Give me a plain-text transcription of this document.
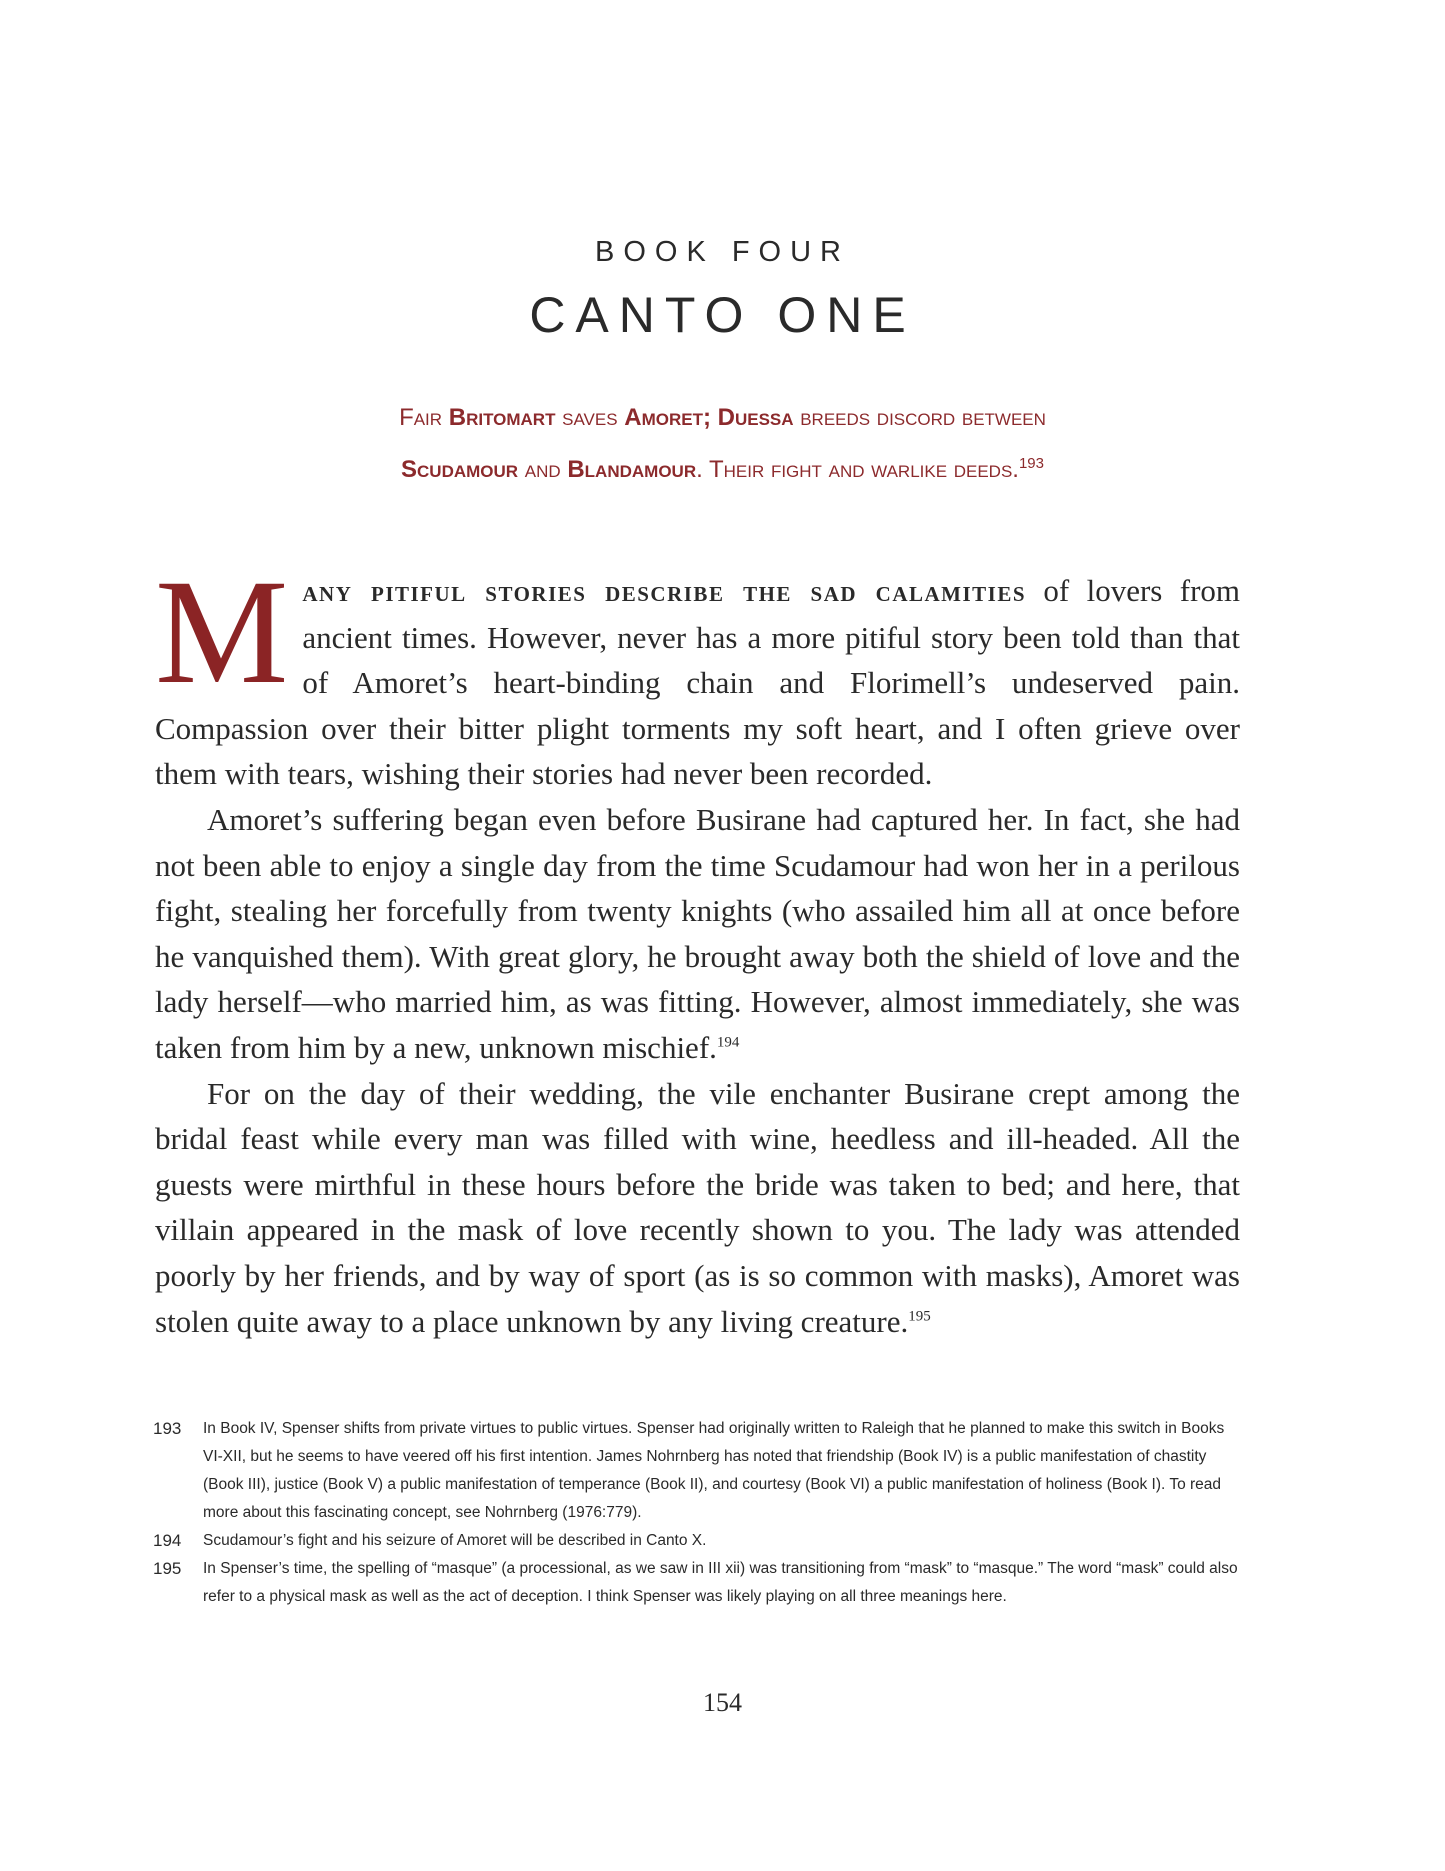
BOOK FOUR
CANTO ONE
Fair Britomart saves Amoret; Duessa breeds discord between
Scudamour and Blandamour. Their fight and warlike deeds.$^{193}$

Many pitiful stories describe the sad calamities of lovers from ancient times. However, never has a more pitiful story been told than that of Amoret’s heart-binding chain and Florimell’s undeserved pain. Compassion over their bitter plight torments my soft heart, and I often grieve over them with tears, wishing their stories had never been recorded.

Amoret’s suffering began even before Busirane had captured her. In fact, she had not been able to enjoy a single day from the time Scudamour had won her in a perilous fight, stealing her forcefully from twenty knights (who assailed him all at once before he vanquished them). With great glory, he brought away both the shield of love and the lady herself—who married him, as was fitting. However, almost immediately, she was taken from him by a new, unknown mischief.$^{194}$

For on the day of their wedding, the vile enchanter Busirane crept among the bridal feast while every man was filled with wine, heedless and ill-headed. All the guests were mirthful in these hours before the bride was taken to bed; and here, that villain appeared in the mask of love recently shown to you. The lady was attended poorly by her friends, and by way of sport (as is so common with masks), Amoret was stolen quite away to a place unknown by any living creature.$^{195}$

193	In Book IV, Spenser shifts from private virtues to public virtues. Spenser had originally written to Raleigh that he planned to make this switch in Books VI-XII, but he seems to have veered off his first intention. James Nohrnberg has noted that friendship (Book IV) is a public manifestation of chastity (Book III), justice (Book V) a public manifestation of temperance (Book II), and courtesy (Book VI) a public manifestation of holiness (Book I). To read more about this fascinating concept, see Nohrnberg (1976:779).
194	Scudamour’s fight and his seizure of Amoret will be described in Canto X.
195	In Spenser’s time, the spelling of “masque” (a processional, as we saw in III xii) was transitioning from “mask” to “masque.” The word “mask” could also refer to a physical mask as well as the act of deception. I think Spenser was likely playing on all three meanings here.
154
